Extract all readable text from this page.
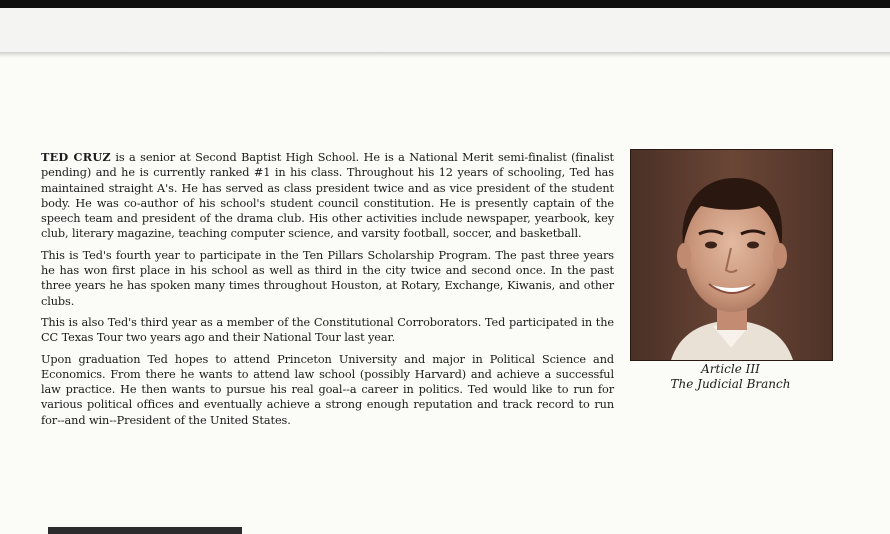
TED CRUZ is a senior at Second Baptist High School. He is a National Merit semi-finalist (finalist pending) and he is currently ranked #1 in his class. Throughout his 12 years of schooling, Ted has maintained straight A's. He has served as class president twice and as vice president of the student body. He was co-author of his school's student council constitution. He is presently captain of the speech team and president of the drama club. His other activities include newspaper, yearbook, key club, literary magazine, teaching computer science, and varsity football, soccer, and basketball.

This is Ted's fourth year to participate in the Ten Pillars Scholarship Program. The past three years he has won first place in his school as well as third in the city twice and second once. In the past three years he has spoken many times throughout Houston, at Rotary, Exchange, Kiwanis, and other clubs.

This is also Ted's third year as a member of the Constitutional Corroborators. Ted participated in the CC Texas Tour two years ago and their National Tour last year.

Upon graduation Ted hopes to attend Princeton University and major in Political Science and Economics. From there he wants to attend law school (possibly Harvard) and achieve a successful law practice. He then wants to pursue his real goal--a career in politics. Ted would like to run for various political offices and eventually achieve a strong enough reputation and track record to run for--and win--President of the United States.

Article III
The Judicial Branch
